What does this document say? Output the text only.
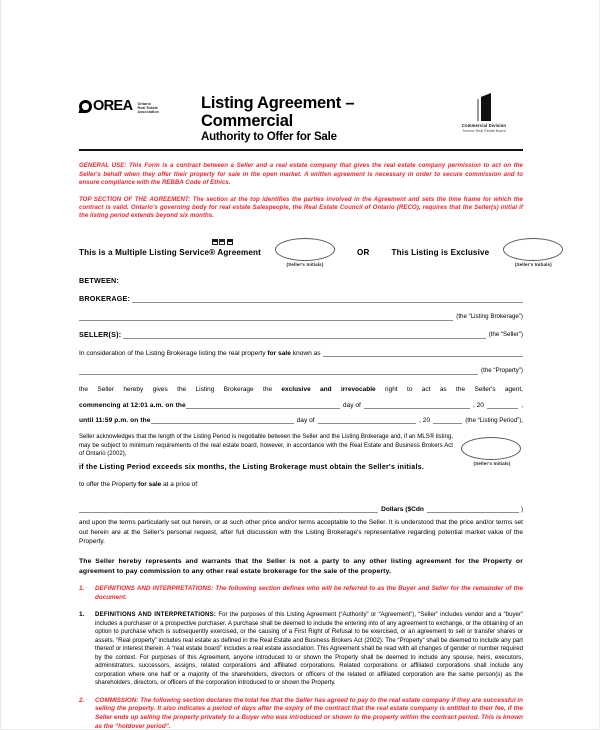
OREA Ontario
Real Estate
Association
Listing Agreement – Commercial
Authority to Offer for Sale
Commercial Division
Toronto Real Estate Board
GENERAL USE: This Form is a contract between a Seller and a real estate company that gives the real estate company permission to act on the Seller's behalf when they offer their property for sale in the open market. A written agreement is necessary in order to secure commission and to ensure compliance with the REBBA Code of Ethics.
TOP SECTION OF THE AGREEMENT: The section at the top identifies the parties involved in the Agreement and sets the time frame for which the contract is valid. Ontario's governing body for real estate Salespeople, the Real Estate Council of Ontario (RECO), requires that the Seller(s) initial if the listing period extends beyond six months.
This is a Multiple Listing Service® Agreement
(Seller's Initials)
OR	This Listing is Exclusive
(Seller's Initials)
BETWEEN:
BROKERAGE:
(the “Listing Brokerage”)
SELLER(S):	(the “Seller”)
In consideration of the Listing Brokerage listing the real property for sale known as
(the “Property”)
the Seller hereby gives the Listing Brokerage the exclusive and irrevocable right to act as the Seller's agent,
commencing at 12:01 a.m. on the	day of	, 20	,
until 11:59 p.m. on the	day of	, 20	(the “Listing Period”),
Seller acknowledges that the length of the Listing Period is negotiable between the Seller and the Listing Brokerage and, if an MLS® listing, may be subject to minimum requirements of the real estate board, however, in accordance with the Real Estate and Business Brokers Act of Ontario (2002),
if the Listing Period exceeds six months, the Listing Brokerage must obtain the Seller's initials.	(Seller's Initials)
to offer the Property for sale at a price of:
Dollars ($Cdn	)
and upon the terms particularly set out herein, or at such other price and/or terms acceptable to the Seller. It is understood that the price and/or terms set out herein are at the Seller's personal request, after full discussion with the Listing Brokerage's representative regarding potential market value of the Property.
The Seller hereby represents and warrants that the Seller is not a party to any other listing agreement for the Property or agreement to pay commission to any other real estate brokerage for the sale of the property.
1.	DEFINITIONS AND INTERPRETATIONS: The following section defines who will be referred to as the Buyer and Seller for the remainder of the document.
1.	DEFINITIONS AND INTERPRETATIONS: For the purposes of this Listing Agreement (“Authority” or “Agreement”), “Seller” includes vendor and a “buyer” includes a purchaser or a prospective purchaser. A purchase shall be deemed to include the entering into of any agreement to exchange, or the obtaining of an option to purchase which is subsequently exercised, or the causing of a First Right of Refusal to be exercised, or an agreement to sell or transfer shares or assets. “Real property” includes real estate as defined in the Real Estate and Business Brokers Act (2002). The “Property” shall be deemed to include any part thereof or interest therein. A “real estate board” includes a real estate association. This Agreement shall be read with all changes of gender or number required by the context. For purposes of this Agreement, anyone introduced to or shown the Property shall be deemed to include any spouse, heirs, executors, administrators, successors, assigns, related corporations and affiliated corporations. Related corporations or affiliated corporations shall include any corporation where one half or a majority of the shareholders, directors or officers of the related or affiliated corporation are the same person(s) as the shareholders, directors, or officers of the corporation introduced to or shown the Property.
2.	COMMISSION: The following section declares the total fee that the Seller has agreed to pay to the real estate company if they are successful in selling the property. It also indicates a period of days after the expiry of the contract that the real estate company is entitled to their fee, if the Seller ends up selling the property privately to a Buyer who was introduced or shown to the property within the contract period. This is known as the “holdover period”.
